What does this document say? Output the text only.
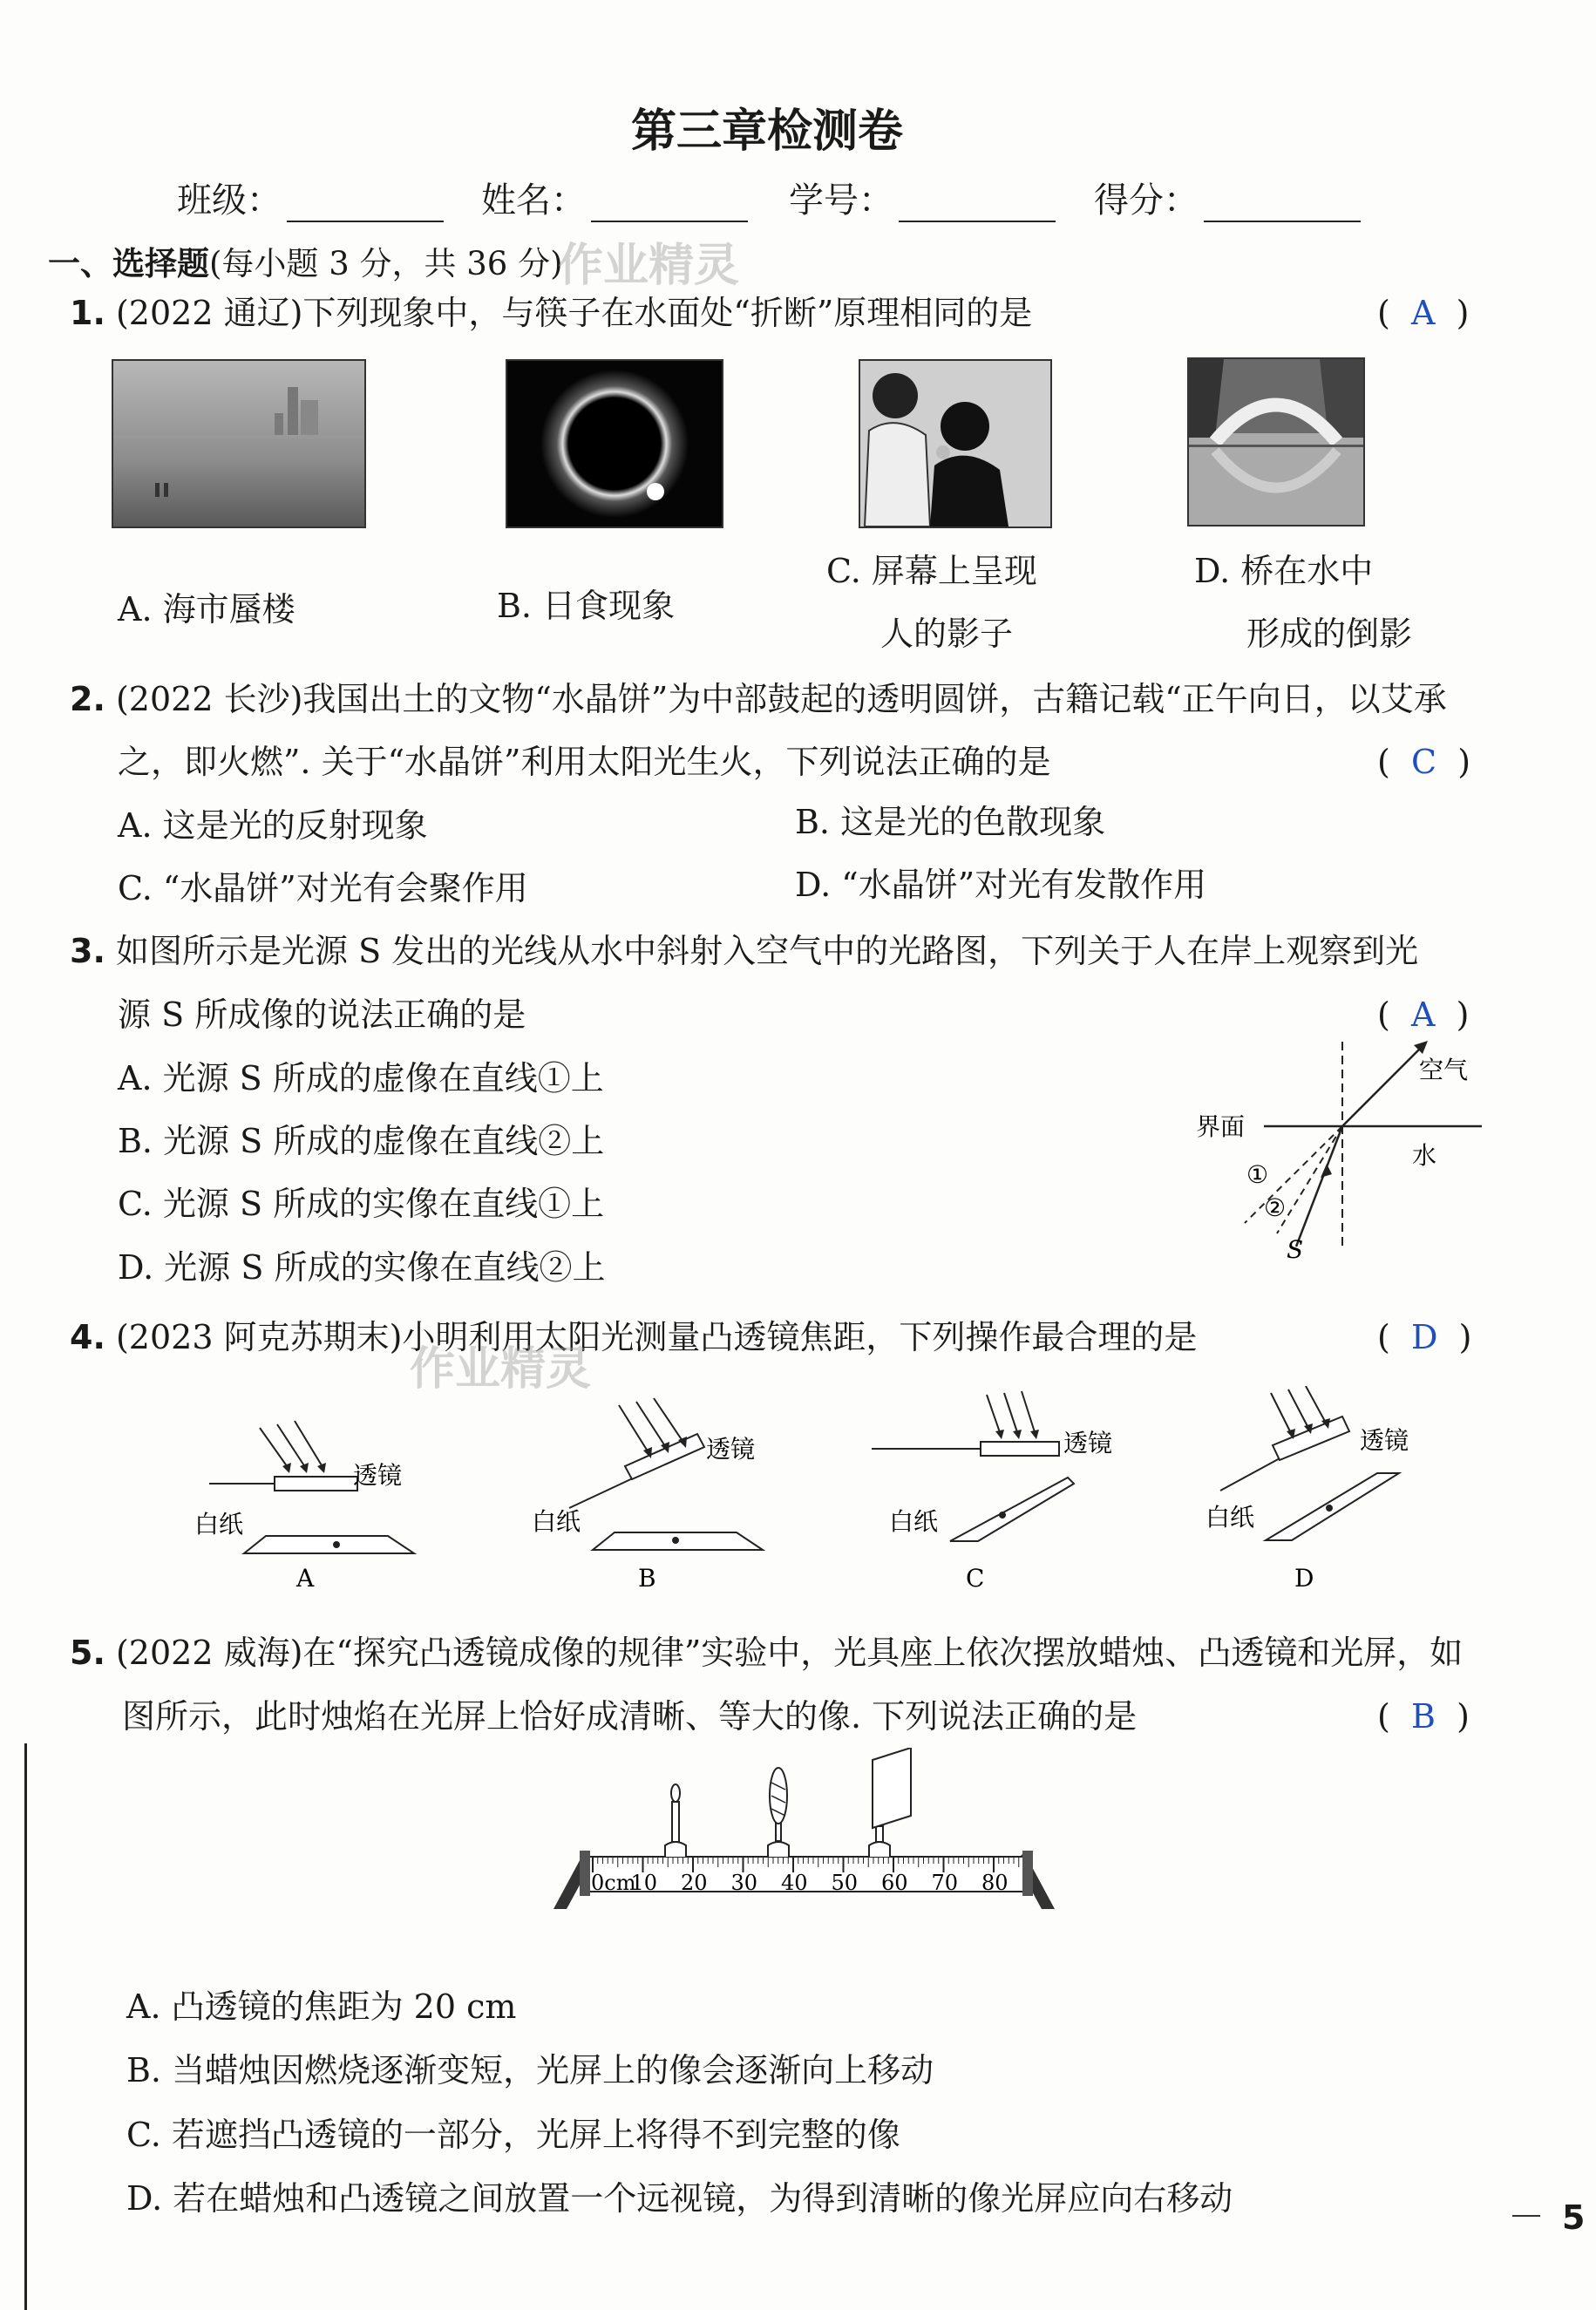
第三章检测卷
班级：	姓名：	学号：	得分：
一、选择题(每小题 3 分，共 36 分)
作业精灵
1. (2022 通辽)下列现象中，与筷子在水面处“折断”原理相同的是	(  A  )
A. 海市蜃楼	B. 日食现象
C. 屏幕上呈现
人的影子
D. 桥在水中
形成的倒影
2. (2022 长沙)我国出土的文物“水晶饼”为中部鼓起的透明圆饼，古籍记载“正午向日，以艾承
之，即火燃”. 关于“水晶饼”利用太阳光生火，下列说法正确的是	(  C  )
A. 这是光的反射现象	B. 这是光的色散现象
C. “水晶饼”对光有会聚作用	D. “水晶饼”对光有发散作用
3. 如图所示是光源 S 发出的光线从水中斜射入空气中的光路图，下列关于人在岸上观察到光
源 S 所成像的说法正确的是	(  A  )
A. 光源 S 所成的虚像在直线①上
B. 光源 S 所成的虚像在直线②上
C. 光源 S 所成的实像在直线①上
D. 光源 S 所成的实像在直线②上
界面
空气
水
①
②
S
4. (2023 阿克苏期末)小明利用太阳光测量凸透镜焦距，下列操作最合理的是	(  D  )
作业精灵
透镜
白纸
A
透镜
白纸
B
透镜
白纸
C
透镜
白纸
D
5. (2022 威海)在“探究凸透镜成像的规律”实验中，光具座上依次摆放蜡烛、凸透镜和光屏，如
图所示，此时烛焰在光屏上恰好成清晰、等大的像. 下列说法正确的是	(  B  )
0cm
10 20 30 40 50 60 70 80
A. 凸透镜的焦距为 20 cm
B. 当蜡烛因燃烧逐渐变短，光屏上的像会逐渐向上移动
C. 若遮挡凸透镜的一部分，光屏上将得不到完整的像
D. 若在蜡烛和凸透镜之间放置一个远视镜，为得到清晰的像光屏应向右移动	5
